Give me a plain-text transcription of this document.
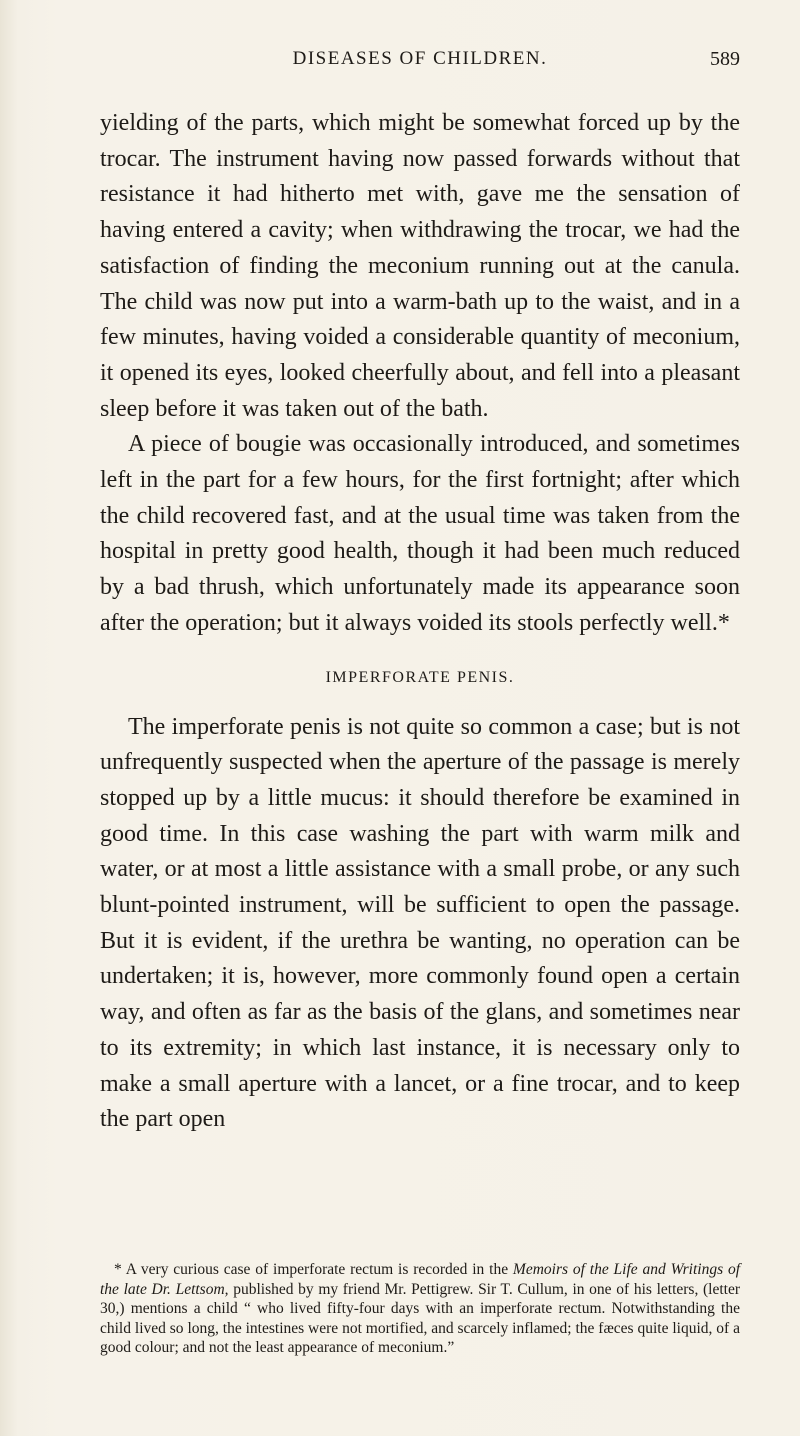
DISEASES OF CHILDREN.	589

yielding of the parts, which might be somewhat forced up by the trocar. The instrument having now passed forwards without that resistance it had hitherto met with, gave me the sensation of having entered a cavity; when withdrawing the trocar, we had the satisfaction of finding the meconium running out at the canula. The child was now put into a warm-bath up to the waist, and in a few minutes, having voided a considerable quantity of meconium, it opened its eyes, looked cheerfully about, and fell into a pleasant sleep before it was taken out of the bath.

A piece of bougie was occasionally introduced, and sometimes left in the part for a few hours, for the first fortnight; after which the child recovered fast, and at the usual time was taken from the hospital in pretty good health, though it had been much reduced by a bad thrush, which unfortunately made its appearance soon after the operation; but it always voided its stools perfectly well.*

IMPERFORATE PENIS.

The imperforate penis is not quite so common a case; but is not unfrequently suspected when the aperture of the passage is merely stopped up by a little mucus: it should therefore be examined in good time. In this case washing the part with warm milk and water, or at most a little assistance with a small probe, or any such blunt-pointed instrument, will be sufficient to open the passage. But it is evident, if the urethra be wanting, no operation can be undertaken; it is, however, more commonly found open a certain way, and often as far as the basis of the glans, and sometimes near to its extremity; in which last instance, it is necessary only to make a small aperture with a lancet, or a fine trocar, and to keep the part open

* A very curious case of imperforate rectum is recorded in the Memoirs of the Life and Writings of the late Dr. Lettsom, published by my friend Mr. Pettigrew. Sir T. Cullum, in one of his letters, (letter 30,) mentions a child “ who lived fifty-four days with an imperforate rectum. Notwithstanding the child lived so long, the intestines were not mortified, and scarcely inflamed; the fæces quite liquid, of a good colour; and not the least appearance of meconium.”
